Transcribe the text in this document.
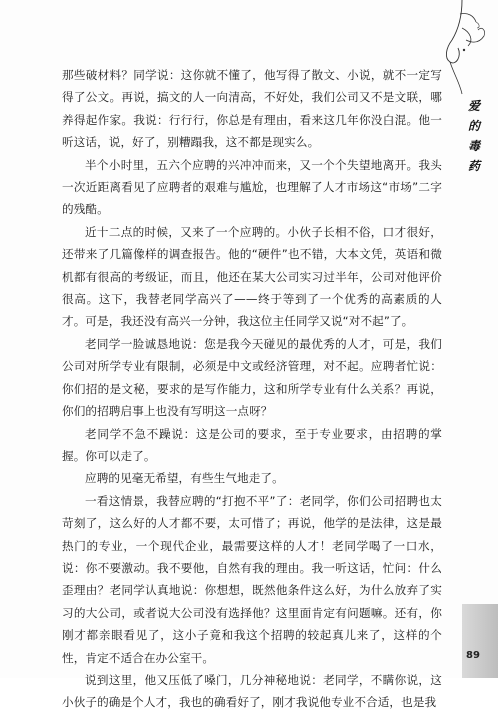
爱
的
毒
药

那些破材料？同学说：这你就不懂了，他写得了散文、小说，就不一定写得了公文。再说，搞文的人一向清高，不好处，我们公司又不是文联，哪养得起作家。我说：行行行，你总是有理由，看来这几年你没白混。他一听这话，说，好了，别糟蹋我，这不都是现实么。

半个小时里，五六个应聘的兴冲冲而来，又一个个失望地离开。我头一次近距离看见了应聘者的艰难与尴尬，也理解了人才市场这“市场”二字的残酷。

近十二点的时候，又来了一个应聘的。小伙子长相不俗，口才很好，还带来了几篇像样的调查报告。他的“硬件”也不错，大本文凭，英语和微机都有很高的考级证，而且，他还在某大公司实习过半年，公司对他评价很高。这下，我替老同学高兴了——终于等到了一个优秀的高素质的人才。可是，我还没有高兴一分钟，我这位主任同学又说“对不起”了。

老同学一脸诚恳地说：您是我今天碰见的最优秀的人才，可是，我们公司对所学专业有限制，必须是中文或经济管理，对不起。应聘者忙说：你们招的是文秘，要求的是写作能力，这和所学专业有什么关系？再说，你们的招聘启事上也没有写明这一点呀？

老同学不急不躁说：这是公司的要求，至于专业要求，由招聘的掌握。你可以走了。

应聘的见毫无希望，有些生气地走了。

一看这情景，我替应聘的“打抱不平”了：老同学，你们公司招聘也太苛刻了，这么好的人才都不要，太可惜了；再说，他学的是法律，这是最热门的专业，一个现代企业，最需要这样的人才！老同学喝了一口水，说：你不要激动。我不要他，自然有我的理由。我一听这话，忙问：什么歪理由？老同学认真地说：你想想，既然他条件这么好，为什么放弃了实习的大公司，或者说大公司没有选择他？这里面肯定有问题嘛。还有，你刚才都亲眼看见了，这小子竟和我这个招聘的较起真儿来了，这样的个性，肯定不适合在办公室干。

说到这里，他又压低了嗓门，几分神秘地说：老同学，不瞒你说，这小伙子的确是个人才，我也的确看好了，刚才我说他专业不合适，也是我

89
